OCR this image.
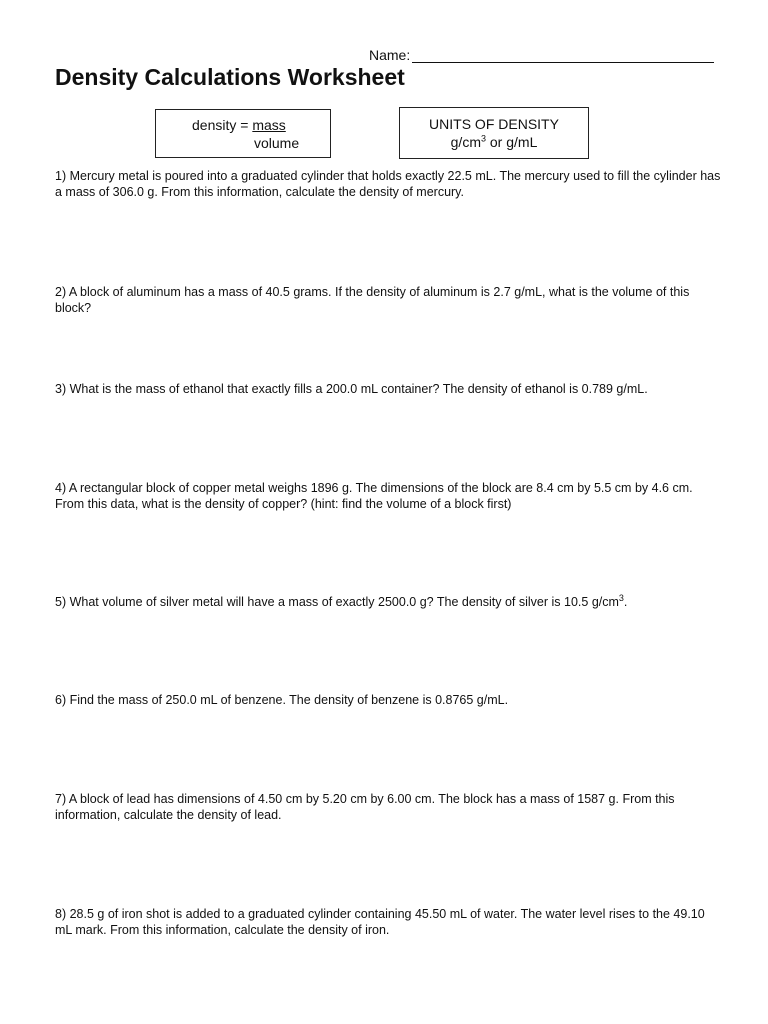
Name:
Density Calculations Worksheet
density = mass
volume
UNITS OF DENSITY
$g/cm^3$ or g/mL
1) Mercury metal is poured into a graduated cylinder that holds exactly 22.5 mL. The mercury used to fill the cylinder has a mass of 306.0 g. From this information, calculate the density of mercury.
2) A block of aluminum has a mass of 40.5 grams. If the density of aluminum is 2.7 g/mL, what is the volume of this block?
3) What is the mass of ethanol that exactly fills a 200.0 mL container? The density of ethanol is 0.789 g/mL.
4) A rectangular block of copper metal weighs 1896 g. The dimensions of the block are 8.4 cm by 5.5 cm by 4.6 cm. From this data, what is the density of copper? (hint: find the volume of a block first)
5) What volume of silver metal will have a mass of exactly 2500.0 g? The density of silver is 10.5 $g/cm^3$.
6) Find the mass of 250.0 mL of benzene. The density of benzene is 0.8765 g/mL.
7) A block of lead has dimensions of 4.50 cm by 5.20 cm by 6.00 cm. The block has a mass of 1587 g. From this information, calculate the density of lead.
8) 28.5 g of iron shot is added to a graduated cylinder containing 45.50 mL of water. The water level rises to the 49.10 mL mark. From this information, calculate the density of iron.
